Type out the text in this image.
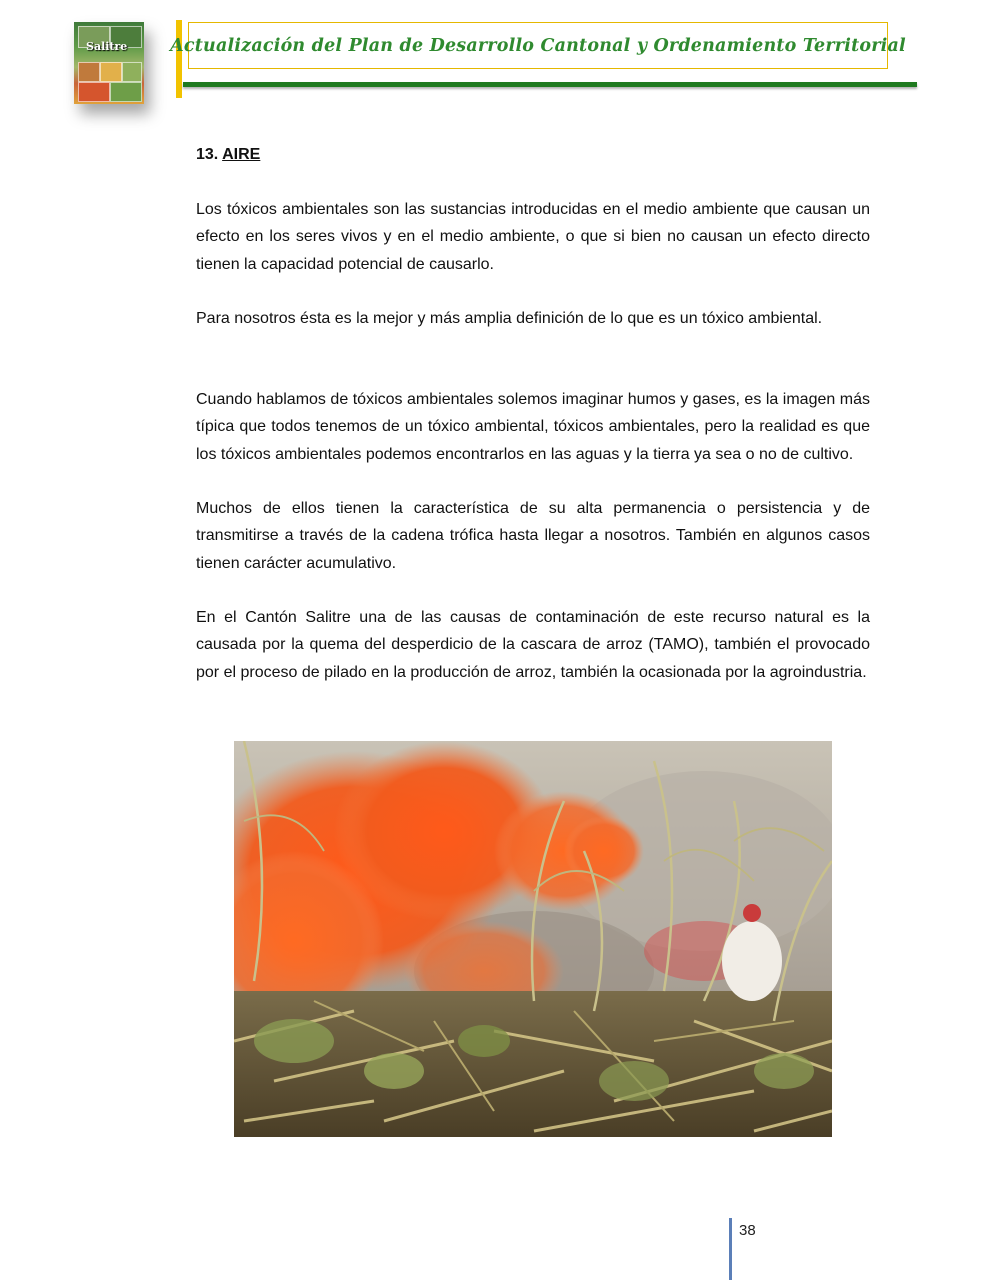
Salitre Actualización del Plan de Desarrollo Cantonal y Ordenamiento Territorial
13. AIRE

Los tóxicos ambientales son las sustancias introducidas en el medio ambiente que causan un efecto en los seres vivos y en el medio ambiente, o que si bien no causan un efecto directo tienen la capacidad potencial de causarlo.

Para nosotros ésta es la mejor y más amplia definición de lo que es un tóxico ambiental.

Cuando hablamos de tóxicos ambientales solemos imaginar humos y gases, es la imagen más típica que todos tenemos de un tóxico ambiental, tóxicos ambientales, pero la realidad es que los tóxicos ambientales podemos encontrarlos en las aguas y la tierra ya sea o no de cultivo.

Muchos de ellos tienen la característica de su alta permanencia o persistencia y de transmitirse a través de la cadena trófica hasta llegar a nosotros. También en algunos casos tienen carácter acumulativo.

En el Cantón Salitre una de las causas de contaminación de este recurso natural es la causada por la quema del desperdicio de la cascara de arroz (TAMO), también el provocado por el proceso de pilado en la producción de arroz, también la ocasionada por la agroindustria.

38
